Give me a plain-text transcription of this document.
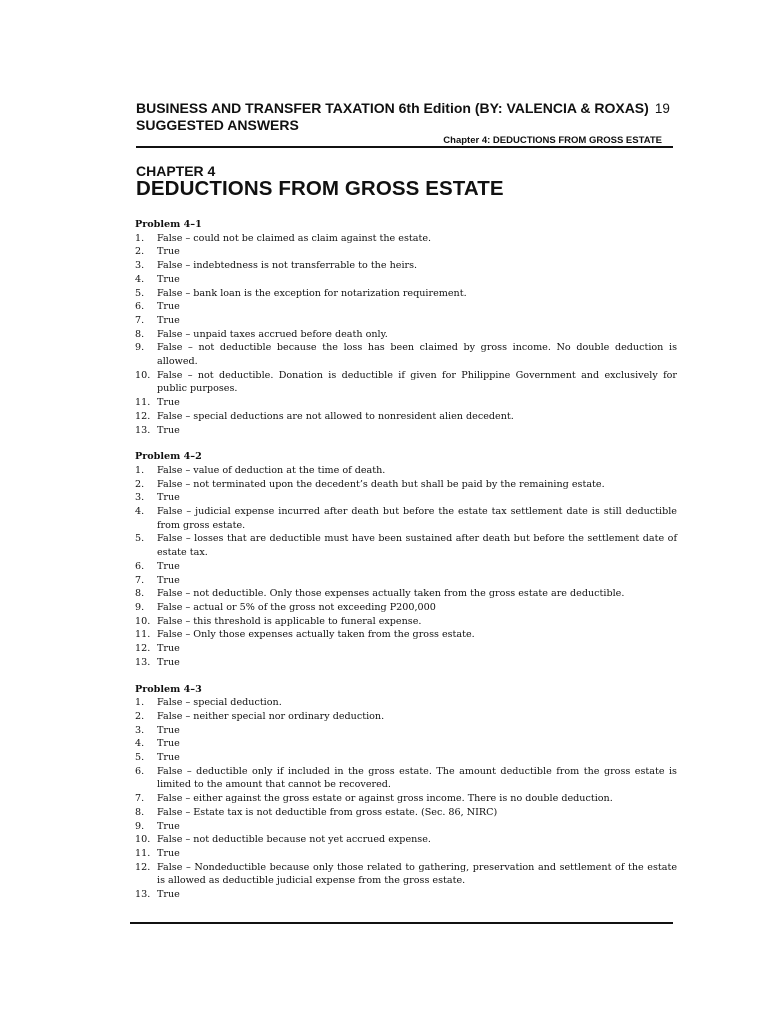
BUSINESS AND TRANSFER TAXATION 6th Edition (BY: VALENCIA & ROXAS) 19
SUGGESTED ANSWERS
Chapter 4: DEDUCTIONS FROM GROSS ESTATE
CHAPTER 4
DEDUCTIONS FROM GROSS ESTATE
Problem 4–1
1.	False – could not be claimed as claim against the estate.
2.	True
3.	False – indebtedness is not transferrable to the heirs.
4.	True
5.	False – bank loan is the exception for notarization requirement.
6.	True
7.	True
8.	False – unpaid taxes accrued before death only.
9.	False – not deductible because the loss has been claimed by gross income. No double deduction is allowed.
10. False – not deductible. Donation is deductible if given for Philippine Government and exclusively for public purposes.
11. True
12. False – special deductions are not allowed to nonresident alien decedent.
13. True
Problem 4–2
1.	False – value of deduction at the time of death.
2.	False – not terminated upon the decedent’s death but shall be paid by the remaining estate.
3.	True
4.	False – judicial expense incurred after death but before the estate tax settlement date is still deductible from gross estate.
5.	False – losses that are deductible must have been sustained after death but before the settlement date of estate tax.
6.	True
7.	True
8.	False – not deductible. Only those expenses actually taken from the gross estate are deductible.
9.	False – actual or 5% of the gross not exceeding P200,000
10. False – this threshold is applicable to funeral expense.
11. False – Only those expenses actually taken from the gross estate.
12. True
13. True
Problem 4–3
1.	False – special deduction.
2.	False – neither special nor ordinary deduction.
3.	True
4.	True
5.	True
6.	False – deductible only if included in the gross estate. The amount deductible from the gross estate is limited to the amount that cannot be recovered.
7.	False – either against the gross estate or against gross income. There is no double deduction.
8.	False – Estate tax is not deductible from gross estate. (Sec. 86, NIRC)
9.	True
10. False – not deductible because not yet accrued expense.
11. True
12. False – Nondeductible because only those related to gathering, preservation and settlement of the estate is allowed as deductible judicial expense from the gross estate.
13. True
